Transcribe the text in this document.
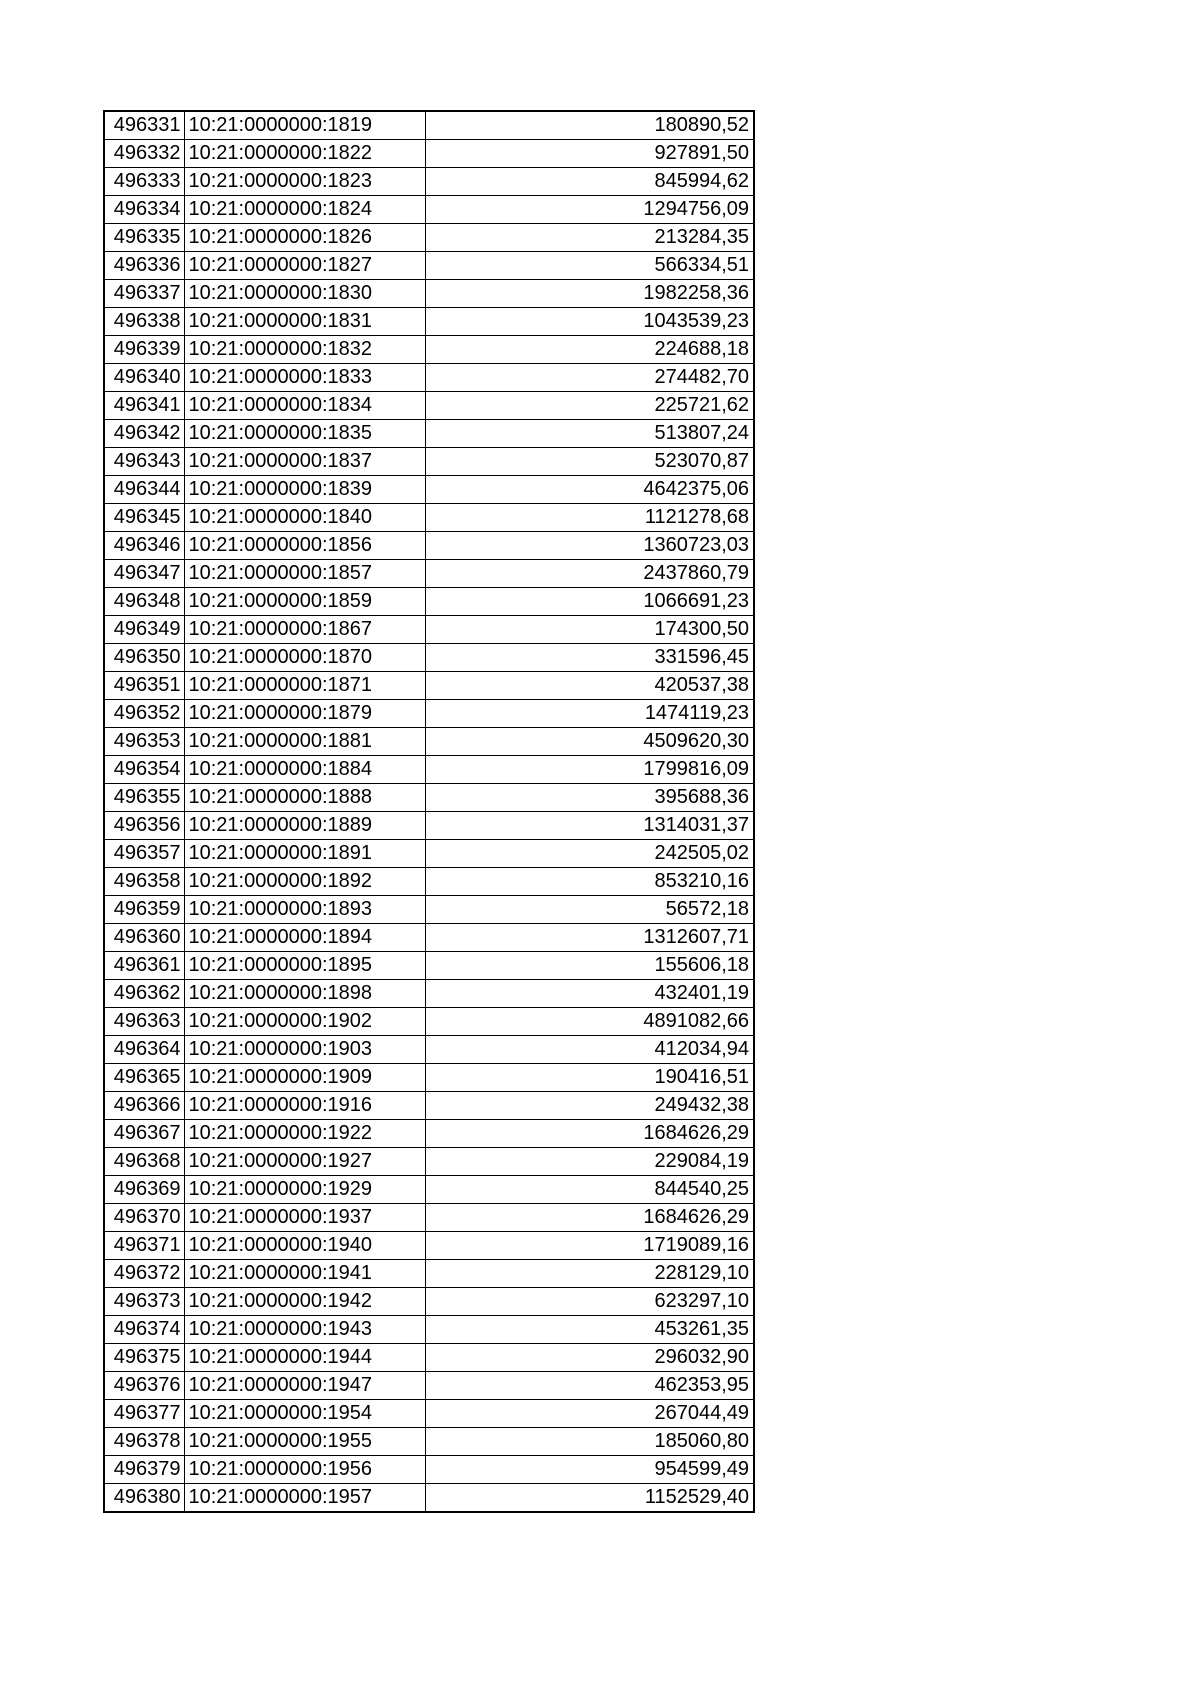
496331	10:21:0000000:1819	180890,52
496332	10:21:0000000:1822	927891,50
496333	10:21:0000000:1823	845994,62
496334	10:21:0000000:1824	1294756,09
496335	10:21:0000000:1826	213284,35
496336	10:21:0000000:1827	566334,51
496337	10:21:0000000:1830	1982258,36
496338	10:21:0000000:1831	1043539,23
496339	10:21:0000000:1832	224688,18
496340	10:21:0000000:1833	274482,70
496341	10:21:0000000:1834	225721,62
496342	10:21:0000000:1835	513807,24
496343	10:21:0000000:1837	523070,87
496344	10:21:0000000:1839	4642375,06
496345	10:21:0000000:1840	1121278,68
496346	10:21:0000000:1856	1360723,03
496347	10:21:0000000:1857	2437860,79
496348	10:21:0000000:1859	1066691,23
496349	10:21:0000000:1867	174300,50
496350	10:21:0000000:1870	331596,45
496351	10:21:0000000:1871	420537,38
496352	10:21:0000000:1879	1474119,23
496353	10:21:0000000:1881	4509620,30
496354	10:21:0000000:1884	1799816,09
496355	10:21:0000000:1888	395688,36
496356	10:21:0000000:1889	1314031,37
496357	10:21:0000000:1891	242505,02
496358	10:21:0000000:1892	853210,16
496359	10:21:0000000:1893	56572,18
496360	10:21:0000000:1894	1312607,71
496361	10:21:0000000:1895	155606,18
496362	10:21:0000000:1898	432401,19
496363	10:21:0000000:1902	4891082,66
496364	10:21:0000000:1903	412034,94
496365	10:21:0000000:1909	190416,51
496366	10:21:0000000:1916	249432,38
496367	10:21:0000000:1922	1684626,29
496368	10:21:0000000:1927	229084,19
496369	10:21:0000000:1929	844540,25
496370	10:21:0000000:1937	1684626,29
496371	10:21:0000000:1940	1719089,16
496372	10:21:0000000:1941	228129,10
496373	10:21:0000000:1942	623297,10
496374	10:21:0000000:1943	453261,35
496375	10:21:0000000:1944	296032,90
496376	10:21:0000000:1947	462353,95
496377	10:21:0000000:1954	267044,49
496378	10:21:0000000:1955	185060,80
496379	10:21:0000000:1956	954599,49
496380	10:21:0000000:1957	1152529,40
